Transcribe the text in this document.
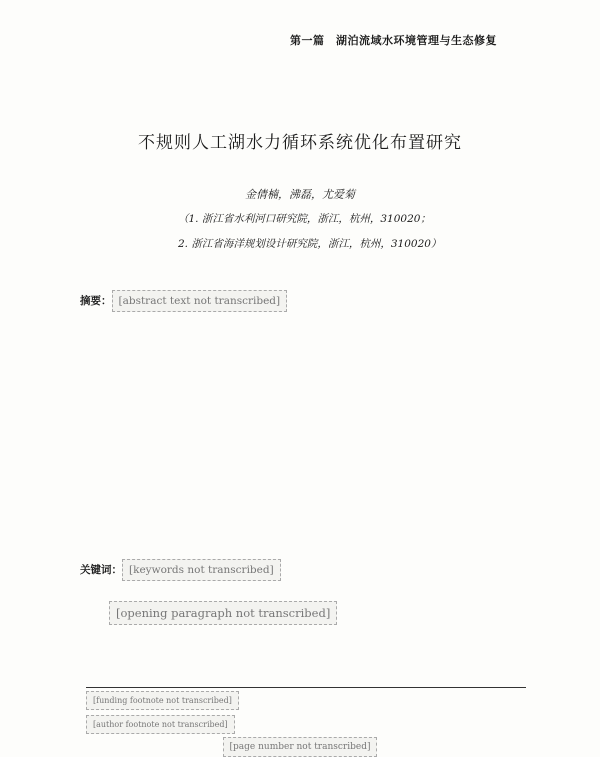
第一篇　湖泊流域水环境管理与生态修复
不规则人工湖水力循环系统优化布置研究
金倩楠，沸磊，尤爱菊
（1. 浙江省水利河口研究院，浙江，杭州，310020；
2. 浙江省海洋规划设计研究院，浙江，杭州，310020）
摘要： [abstract text not transcribed]
关键词： [keywords not transcribed]
[opening paragraph not transcribed]
[funding footnote not transcribed]
[author footnote not transcribed]
[page number not transcribed]
